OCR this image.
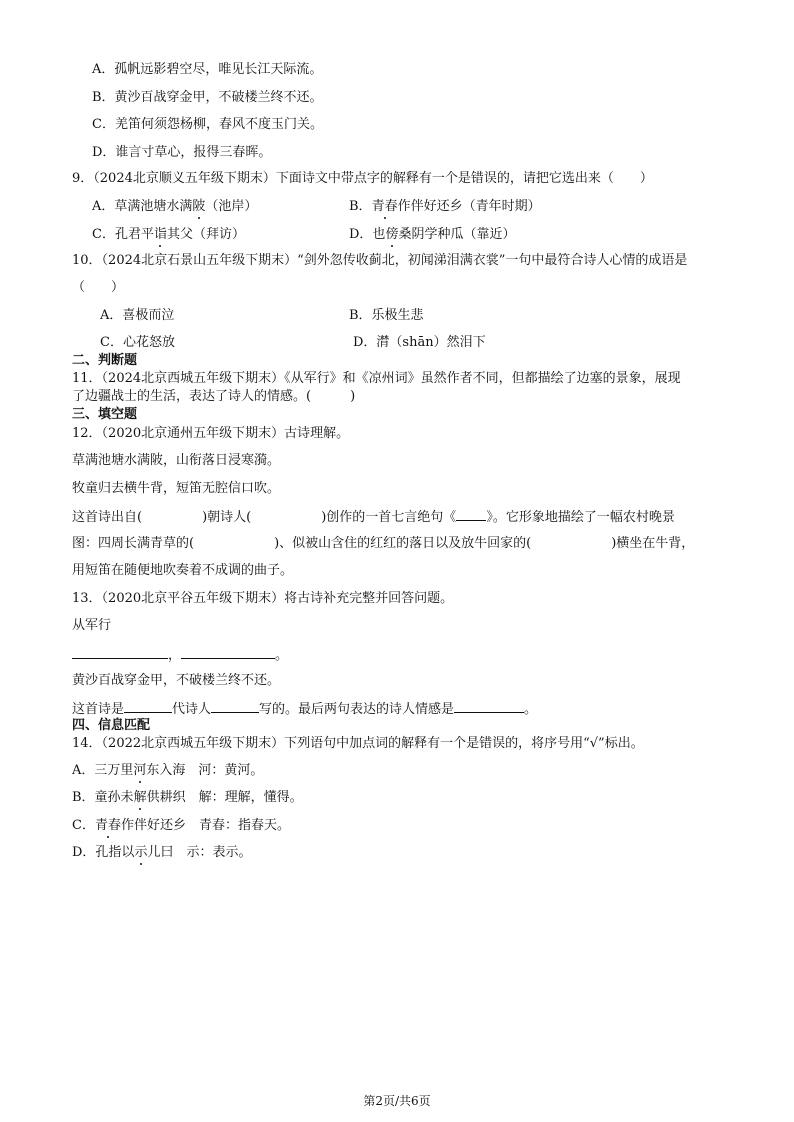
A．孤帆远影碧空尽，唯见长江天际流。
B．黄沙百战穿金甲，不破楼兰终不还。
C．羌笛何须怨杨柳，春风不度玉门关。
D．谁言寸草心，报得三春晖。
9．（2024北京顺义五年级下期末）下面诗文中带点字的解释有一个是错误的，请把它选出来（　　）
A．草满池塘水满陂（池岸）	B．青春作伴好还乡（青年时期）
C．孔君平诣其父（拜访）	D．也傍桑阴学种瓜（靠近）
10．（2024北京石景山五年级下期末）“剑外忽传收蓟北，初闻涕泪满衣裳”一句中最符合诗人心情的成语是
（　　）
A．喜极而泣	B．乐极生悲
C．心花怒放	D．潸（shān）然泪下
二、判断题
11．（2024北京西城五年级下期末）《从军行》和《凉州词》虽然作者不同，但都描绘了边塞的景象，展现
了边疆战士的生活，表达了诗人的情感。(　　　)
三、填空题
12．（2020北京通州五年级下期末）古诗理解。
草满池塘水满陂，山衔落日浸寒漪。
牧童归去横牛背，短笛无腔信口吹。
这首诗出自(	)朝诗人(	)创作的一首七言绝句《 》。它形象地描绘了一幅农村晚景
图：四周长满青草的(	)、似被山含住的红红的落日以及放牛回家的(	)横坐在牛背，
用短笛在随便地吹奏着不成调的曲子。
13．（2020北京平谷五年级下期末）将古诗补充完整并回答问题。
从军行
，	。
黄沙百战穿金甲，不破楼兰终不还。
这首诗是	代诗人	写的。最后两句表达的诗人情感是	。
四、信息匹配
14．（2022北京西城五年级下期末）下列语句中加点词的解释有一个是错误的，将序号用“√”标出。
A．三万里河东入海　河：黄河。
B．童孙未解供耕织　解：理解，懂得。
C．青春作伴好还乡　青春：指春天。
D．孔指以示儿曰　示：表示。
第2页/共6页
